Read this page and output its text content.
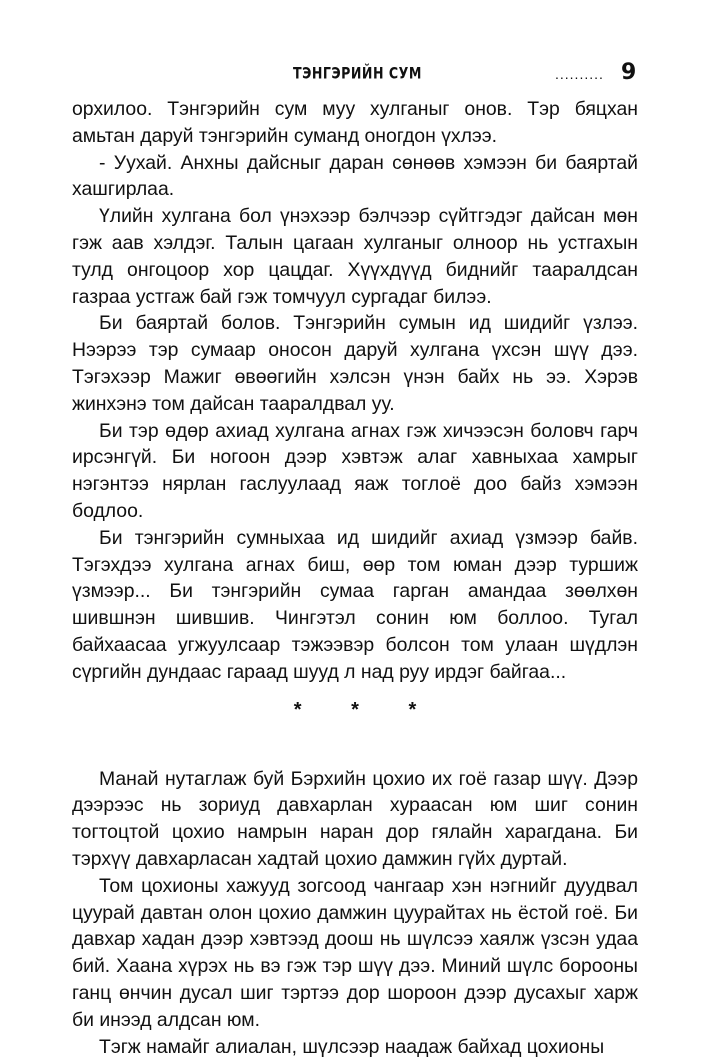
ТЭНГЭРИЙН СУМ	.......... 9

орхилоо. Тэнгэрийн сум муу хулганыг онов. Тэр бяцхан амьтан даруй тэнгэрийн суманд оногдон үхлээ.

- Уухай. Анхны дайсныг даран сөнөөв хэмээн би баяртай хашгирлаа.

Үлийн хулгана бол үнэхээр бэлчээр сүйтгэдэг дайсан мөн гэж аав хэлдэг. Талын цагаан хулганыг олноор нь устгахын тулд онгоцоор хор цацдаг. Хүүхдүүд биднийг таaралдсан газраа устгаж бай гэж томчуул сургадаг билээ.

Би баяртай болов. Тэнгэрийн сумын ид шидийг үзлээ. Нээрээ тэр сумаар оносон даруй хулгана үхсэн шүү дээ. Тэгэхээр Мажиг өвөөгийн хэлсэн үнэн байх нь ээ. Хэрэв жинхэнэ том дайсан таaралдвал уу.

Би тэр өдөр ахиад хулгана агнах гэж хичээсэн боловч гарч ирсэнгүй. Би ногоон дээр хэвтэж алаг хавныхаа хамрыг нэгэнтээ нярлан гаслуулаад яаж тоглоё доо байз хэмээн бодлоо.

Би тэнгэрийн сумныхаа ид шидийг ахиад үзмээр байв. Тэгэхдээ хулгана агнах биш, өөр том юман дээр туршиж үзмээр... Би тэнгэрийн сумаа гарган амандаа зөөлхөн шившнэн шившив. Чингэтэл сонин юм боллоо. Тугал байхаасаа угжуулсаар тэжээвэр болсон том улаан шүдлэн сүргийн дундаас гараад шууд л над руу ирдэг байгаа...

* * *

Манай нутаглаж буй Бэрхийн цохио их гоё газар шүү. Дээр дээрээс нь зориуд давхарлан хураасан юм шиг сонин тогтоцтой цохио намрын наран дор гялайн харагдана. Би тэрхүү давхарласан хадтай цохио дамжин гүйх дуртай.

Том цохионы хажууд зогсоод чангаар хэн нэгнийг дуудвал цуурай давтан олон цохио дамжин цуурайтах нь ёстой гоё. Би давхар хадан дээр хэвтээд доош нь шүлсээ хаялж үзсэн удаа бий. Хаана хүрэх нь вэ гэж тэр шүү дээ. Миний шүлс борооны ганц өнчин дусал шиг тэртээ дор шороон дээр дусахыг харж би инээд алдсан юм.

Тэгж намайг алиалан, шүлсээр наадаж байхад цохионы
